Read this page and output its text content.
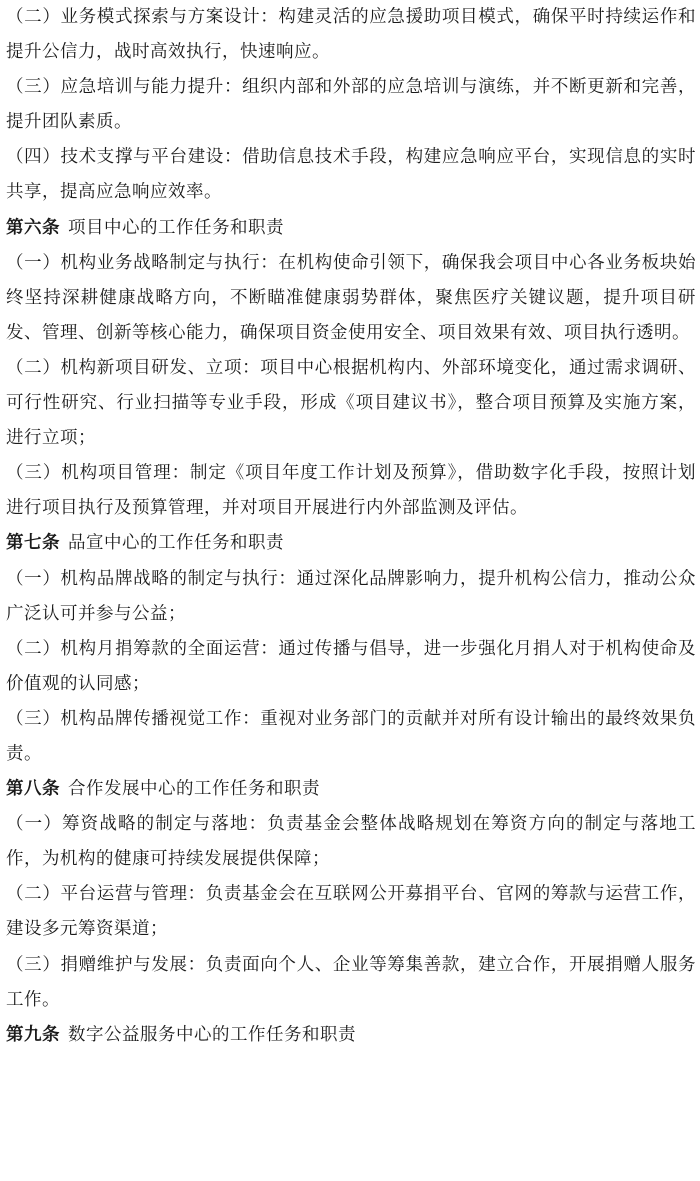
（二）业务模式探索与方案设计：构建灵活的应急援助项目模式，确保平时持续运作和提升公信力，战时高效执行，快速响应。

（三）应急培训与能力提升：组织内部和外部的应急培训与演练，并不断更新和完善，提升团队素质。

（四）技术支撑与平台建设：借助信息技术手段，构建应急响应平台，实现信息的实时共享，提高应急响应效率。

第六条 项目中心的工作任务和职责

（一）机构业务战略制定与执行：在机构使命引领下，确保我会项目中心各业务板块始终坚持深耕健康战略方向，不断瞄准健康弱势群体，聚焦医疗关键议题，提升项目研发、管理、创新等核心能力，确保项目资金使用安全、项目效果有效、项目执行透明。

（二）机构新项目研发、立项：项目中心根据机构内、外部环境变化，通过需求调研、可行性研究、行业扫描等专业手段，形成《项目建议书》，整合项目预算及实施方案，进行立项；

（三）机构项目管理：制定《项目年度工作计划及预算》，借助数字化手段，按照计划进行项目执行及预算管理，并对项目开展进行内外部监测及评估。

第七条 品宣中心的工作任务和职责

（一）机构品牌战略的制定与执行：通过深化品牌影响力，提升机构公信力，推动公众广泛认可并参与公益；

（二）机构月捐筹款的全面运营：通过传播与倡导，进一步强化月捐人对于机构使命及价值观的认同感；

（三）机构品牌传播视觉工作：重视对业务部门的贡献并对所有设计输出的最终效果负责。

第八条 合作发展中心的工作任务和职责

（一）筹资战略的制定与落地：负责基金会整体战略规划在筹资方向的制定与落地工作，为机构的健康可持续发展提供保障；

（二）平台运营与管理：负责基金会在互联网公开募捐平台、官网的筹款与运营工作，建设多元筹资渠道；

（三）捐赠维护与发展：负责面向个人、企业等筹集善款，建立合作，开展捐赠人服务工作。

第九条 数字公益服务中心的工作任务和职责
